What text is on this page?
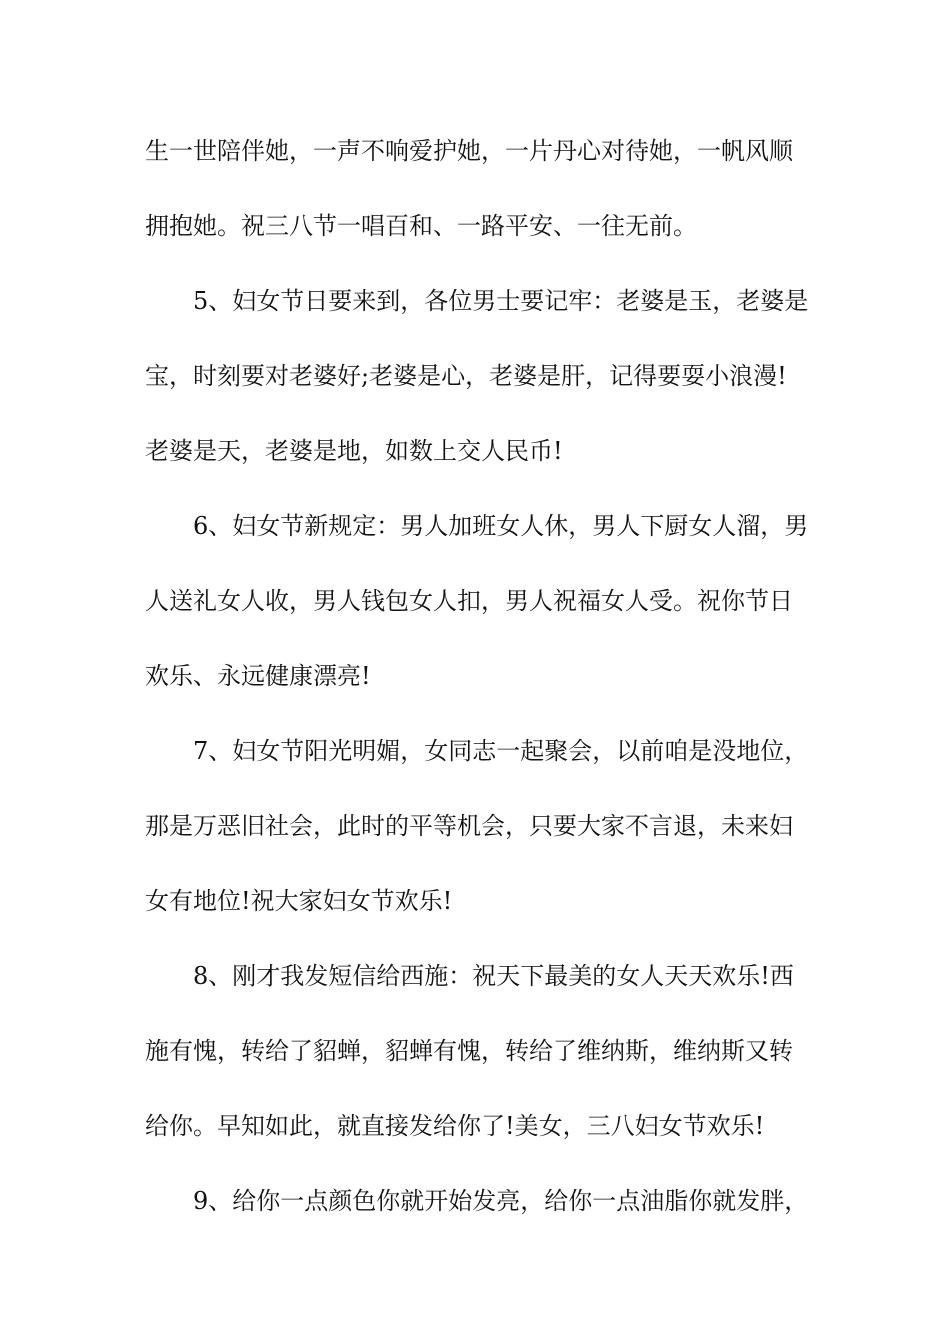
生一世陪伴她，一声不响爱护她，一片丹心对待她，一帆风顺
拥抱她。祝三八节一唱百和、一路平安、一往无前。
5、妇女节日要来到，各位男士要记牢：老婆是玉，老婆是
宝，时刻要对老婆好;老婆是心，老婆是肝，记得要耍小浪漫!
老婆是天，老婆是地，如数上交人民币!
6、妇女节新规定：男人加班女人休，男人下厨女人溜，男
人送礼女人收，男人钱包女人扣，男人祝福女人受。祝你节日
欢乐、永远健康漂亮!
7、妇女节阳光明媚，女同志一起聚会，以前咱是没地位，
那是万恶旧社会，此时的平等机会，只要大家不言退，未来妇
女有地位!祝大家妇女节欢乐!
8、刚才我发短信给西施：祝天下最美的女人天天欢乐!西
施有愧，转给了貂蝉，貂蝉有愧，转给了维纳斯，维纳斯又转
给你。早知如此，就直接发给你了!美女，三八妇女节欢乐!
9、给你一点颜色你就开始发亮，给你一点油脂你就发胖，
